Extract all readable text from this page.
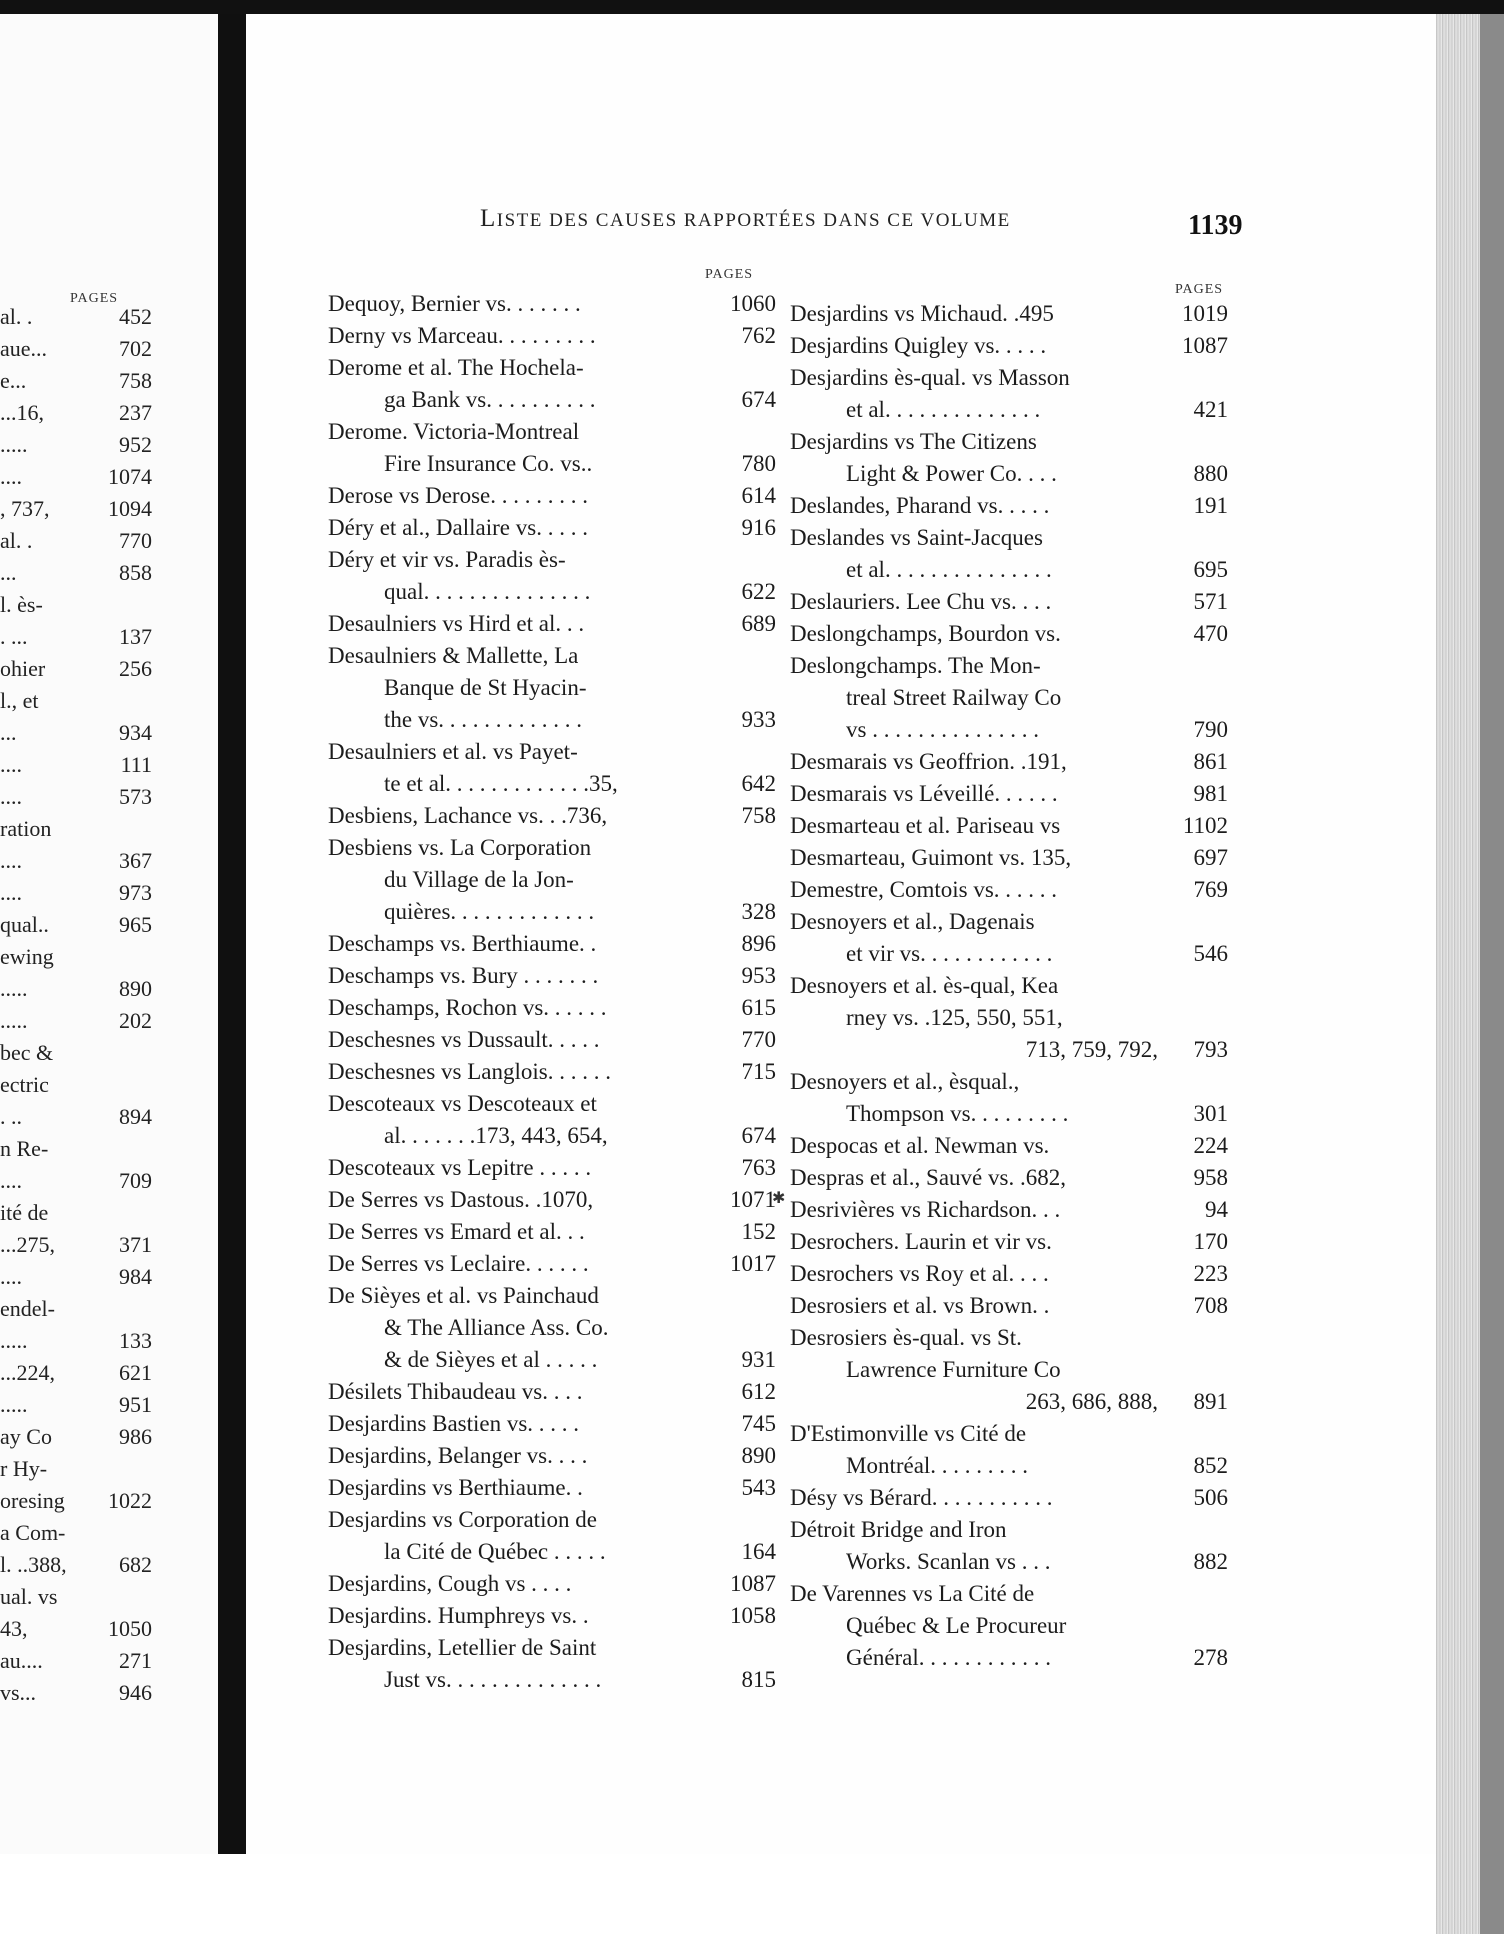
PAGES
al. .	452
aue...	702
e...	758
...16,	237
.....	952
....	1074
, 737,	1094
al. .	770
...	858
l. ès-
. ...	137
ohier	256
l., et
...	934
....	111
....	573
ration
....	367
....	973
qual..	965
ewing
.....	890
.....	202
bec &
ectric
. ..	894
n Re-
....	709
ité de
...275,	371
....	984
endel-
.....	133
...224,	621
.....	951
ay Co	986
r Hy-
oresing 1022
a Com-
l. ..388, 682
ual. vs
43,	1050
au....	271
vs...	946
LISTE DES CAUSES RAPPORTÉES DANS CE VOLUME	1139
PAGES
PAGES
Dequoy, Bernier vs. . . . . . .	1060
Derny vs Marceau. . . . . . . . .	762
Derome et al. The Hochela-
ga Bank vs. . . . . . . . . .	674
Derome. Victoria-Montreal
Fire Insurance Co. vs..	780
Derose vs Derose. . . . . . . . .	614
Déry et al., Dallaire vs. . . . .	916
Déry et vir vs. Paradis ès-
qual. . . . . . . . . . . . . . .	622
Desaulniers vs Hird et al. . .	689
Desaulniers & Mallette, La
Banque de St Hyacin-
the vs. . . . . . . . . . . . .	933
Desaulniers et al. vs Payet-
te et al. . . . . . . . . . . . .35,	642
Desbiens, Lachance vs. . .736,	758
Desbiens vs. La Corporation
du Village de la Jon-
quières. . . . . . . . . . . . .	328
Deschamps vs. Berthiaume. .	896
Deschamps vs. Bury . . . . . . .	953
Deschamps, Rochon vs. . . . . .	615
Deschesnes vs Dussault. . . . .	770
Deschesnes vs Langlois. . . . . .	715
Descoteaux vs Descoteaux et
al. . . . . . .173, 443, 654,	674
Descoteaux vs Lepitre . . . . .	763
De Serres vs Dastous. .1070,	1071
De Serres vs Emard et al. . .	152
De Serres vs Leclaire. . . . . .	1017
De Sièyes et al. vs Painchaud
& The Alliance Ass. Co.
& de Sièyes et al . . . . .	931
Désilets Thibaudeau vs. . . .	612
Desjardins Bastien vs. . . . .	745
Desjardins, Belanger vs. . . .	890
Desjardins vs Berthiaume. .	543
Desjardins vs Corporation de
la Cité de Québec . . . . .	164
Desjardins, Cough vs . . . .	1087
Desjardins. Humphreys vs. .	1058
Desjardins, Letellier de Saint
Just vs. . . . . . . . . . . . . .	815
Desjardins vs Michaud. .495	1019
Desjardins Quigley vs. . . . .	1087
Desjardins ès-qual. vs Masson
et al. . . . . . . . . . . . . .	421
Desjardins vs The Citizens
Light & Power Co. . . .	880
Deslandes, Pharand vs. . . . .	191
Deslandes vs Saint-Jacques
et al. . . . . . . . . . . . . . .	695
Deslauriers. Lee Chu vs. . . .	571
Deslongchamps, Bourdon vs.	470
Deslongchamps. The Mon-
treal Street Railway Co
vs . . . . . . . . . . . . . . .	790
Desmarais vs Geoffrion. .191,	861
Desmarais vs Léveillé. . . . . .	981
Desmarteau et al. Pariseau vs	1102
Desmarteau, Guimont vs. 135,	697
Demestre, Comtois vs. . . . . .	769
Desnoyers et al., Dagenais
et vir vs. . . . . . . . . . . .	546
Desnoyers et al. ès-qual, Kea
rney vs. .125, 550, 551,
713, 759, 792, 793
Desnoyers et al., èsqual.,
Thompson vs. . . . . . . . .	301
Despocas et al. Newman vs.	224
Despras et al., Sauvé vs. .682,	958
Desrivières vs Richardson. . .	94
Desrochers. Laurin et vir vs.	170
Desrochers vs Roy et al. . . .	223
Desrosiers et al. vs Brown. .	708
Desrosiers ès-qual. vs St.
Lawrence Furniture Co
263, 686, 888, 891
D'Estimonville vs Cité de
Montréal. . . . . . . . .	852
Désy vs Bérard. . . . . . . . . . .	506
Détroit Bridge and Iron
Works. Scanlan vs . . .	882
De Varennes vs La Cité de
Québec & Le Procureur
Général. . . . . . . . . . . .	278
✱
